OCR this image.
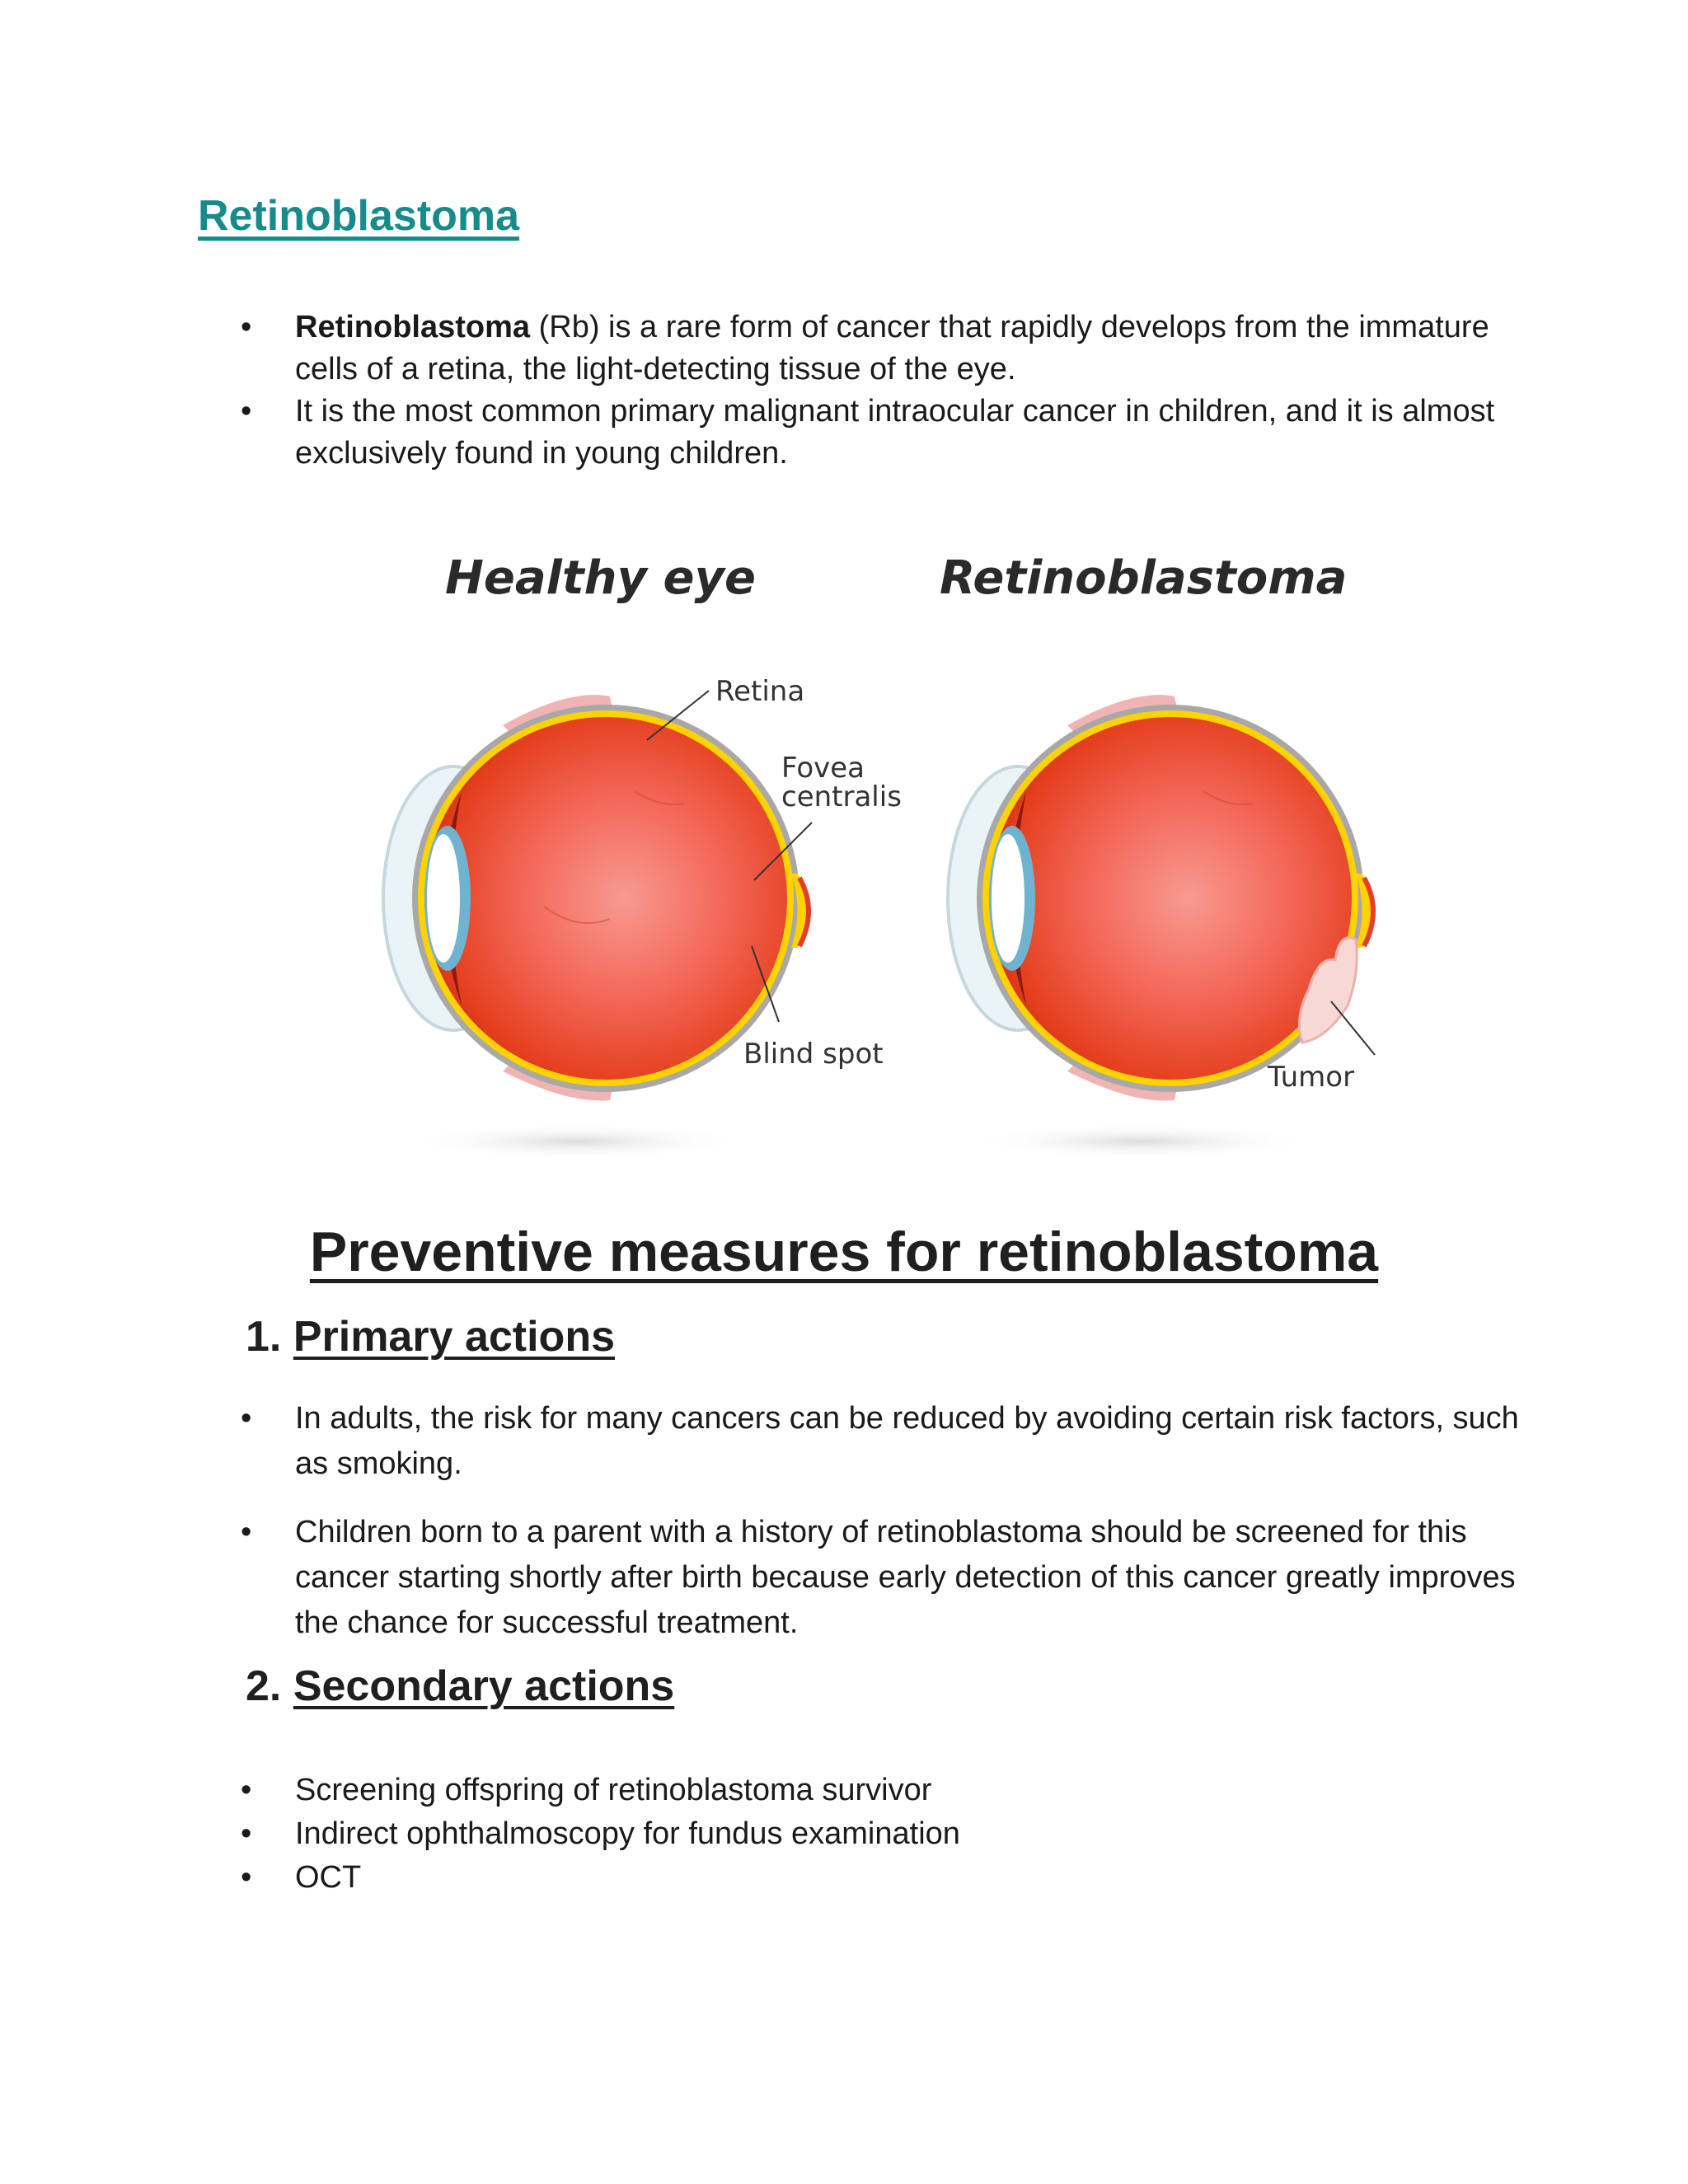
Retinoblastoma
• Retinoblastoma (Rb) is a rare form of cancer that rapidly develops from the immature cells of a retina, the light-detecting tissue of the eye.
• It is the most common primary malignant intraocular cancer in children, and it is almost exclusively found in young children.
Healthy eye	Retinoblastoma
Retina
Fovea
centralis
Blind spot
Tumor
Preventive measures for retinoblastoma
1. Primary actions
• In adults, the risk for many cancers can be reduced by avoiding certain risk factors, such as smoking.
• Children born to a parent with a history of retinoblastoma should be screened for this cancer starting shortly after birth because early detection of this cancer greatly improves the chance for successful treatment.
2. Secondary actions
• Screening offspring of retinoblastoma survivor
• Indirect ophthalmoscopy for fundus examination
• OCT
